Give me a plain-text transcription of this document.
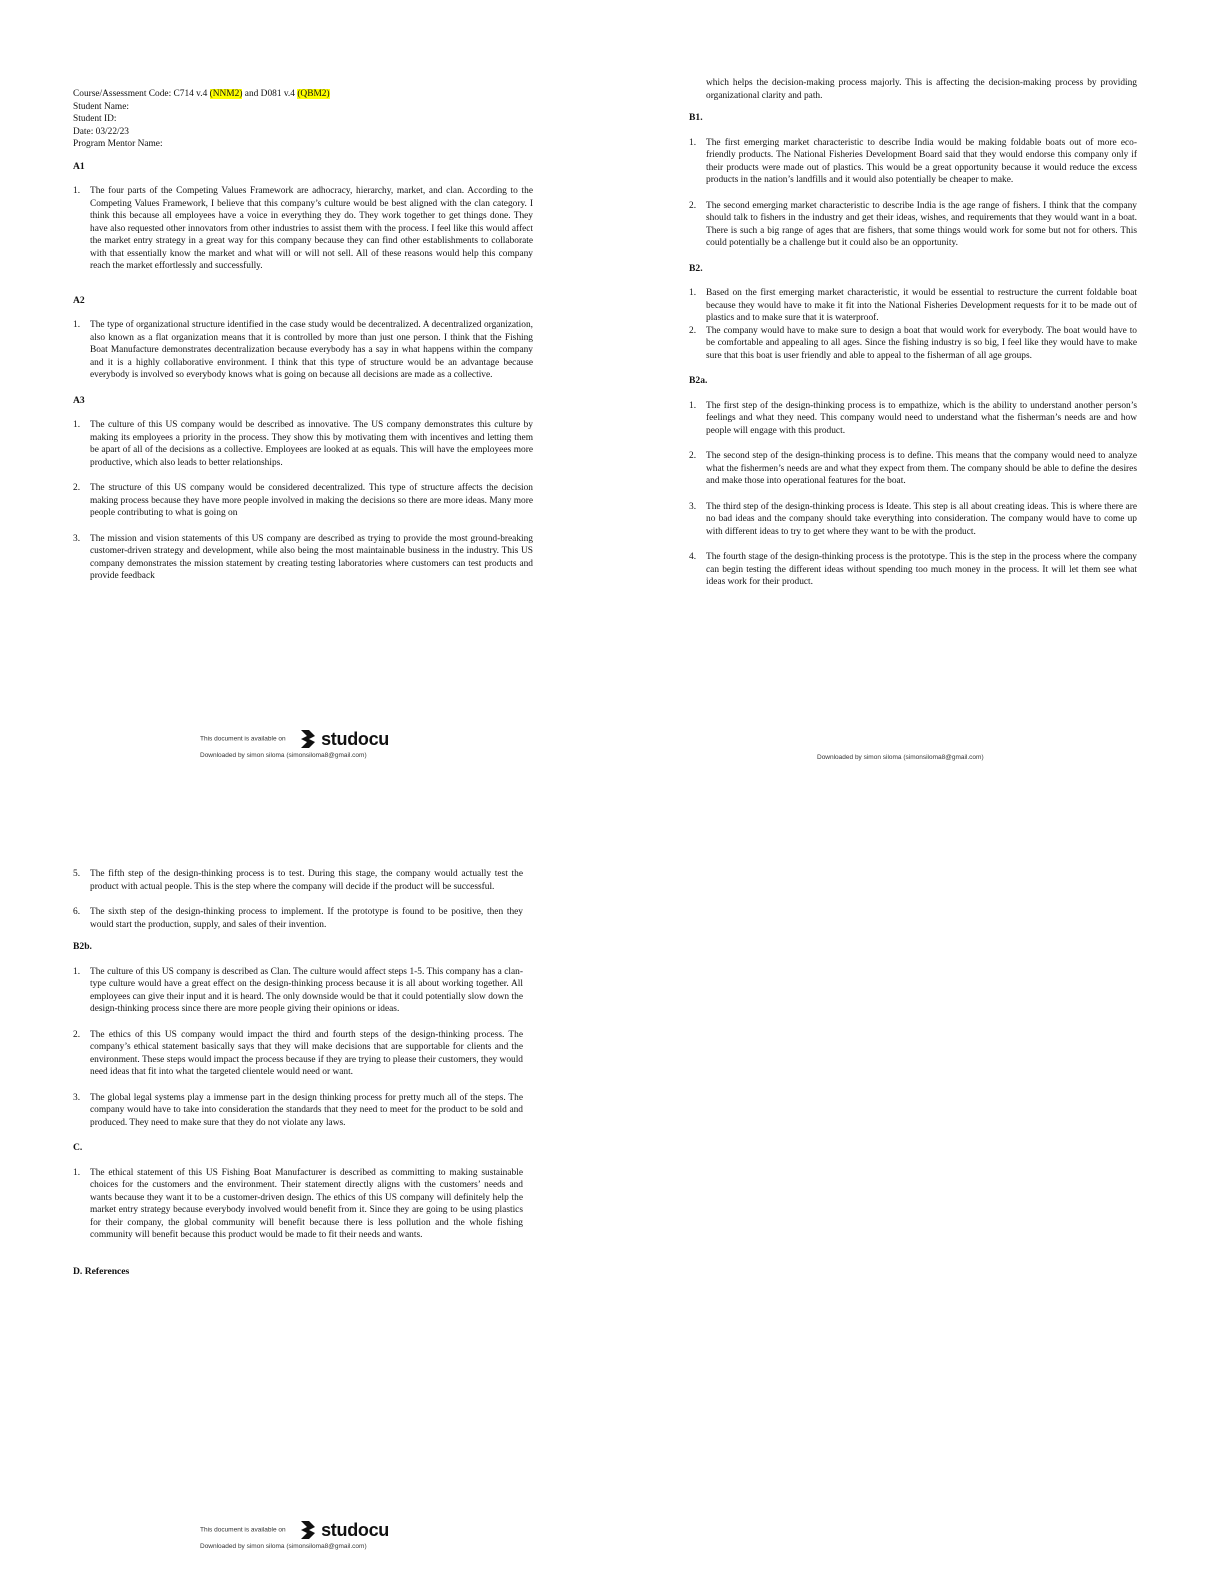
Course/Assessment Code: C714 v.4 (NNM2) and D081 v.4 (QBM2)
Student Name:
Student ID:
Date: 03/22/23
Program Mentor Name:
A1
1. The four parts of the Competing Values Framework are adhocracy, hierarchy, market, and clan. According to the Competing Values Framework, I believe that this company’s culture would be best aligned with the clan category. I think this because all employees have a voice in everything they do. They work together to get things done. They have also requested other innovators from other industries to assist them with the process. I feel like this would affect the market entry strategy in a great way for this company because they can find other establishments to collaborate with that essentially know the market and what will or will not sell. All of these reasons would help this company reach the market effortlessly and successfully.
A2
1. The type of organizational structure identified in the case study would be decentralized. A decentralized organization, also known as a flat organization means that it is controlled by more than just one person. I think that the Fishing Boat Manufacture demonstrates decentralization because everybody has a say in what happens within the company and it is a highly collaborative environment. I think that this type of structure would be an advantage because everybody is involved so everybody knows what is going on because all decisions are made as a collective.
A3
1. The culture of this US company would be described as innovative. The US company demonstrates this culture by making its employees a priority in the process. They show this by motivating them with incentives and letting them be apart of all of the decisions as a collective. Employees are looked at as equals. This will have the employees more productive, which also leads to better relationships.
2. The structure of this US company would be considered decentralized. This type of structure affects the decision making process because they have more people involved in making the decisions so there are more ideas. Many more people contributing to what is going on
3. The mission and vision statements of this US company are described as trying to provide the most ground-breaking customer-driven strategy and development, while also being the most maintainable business in the industry. This US company demonstrates the mission statement by creating testing laboratories where customers can test products and provide feedback
This document is available on studocu
Downloaded by simon siloma (simonsiloma8@gmail.com)
which helps the decision-making process majorly. This is affecting the decision-making process by providing organizational clarity and path.
B1.
1. The first emerging market characteristic to describe India would be making foldable boats out of more eco-friendly products. The National Fisheries Development Board said that they would endorse this company only if their products were made out of plastics. This would be a great opportunity because it would reduce the excess products in the nation’s landfills and it would also potentially be cheaper to make.
2. The second emerging market characteristic to describe India is the age range of fishers. I think that the company should talk to fishers in the industry and get their ideas, wishes, and requirements that they would want in a boat. There is such a big range of ages that are fishers, that some things would work for some but not for others. This could potentially be a challenge but it could also be an opportunity.
B2.
1. Based on the first emerging market characteristic, it would be essential to restructure the current foldable boat because they would have to make it fit into the National Fisheries Development requests for it to be made out of plastics and to make sure that it is waterproof.
2. The company would have to make sure to design a boat that would work for everybody. The boat would have to be comfortable and appealing to all ages. Since the fishing industry is so big, I feel like they would have to make sure that this boat is user friendly and able to appeal to the fisherman of all age groups.
B2a.
1. The first step of the design-thinking process is to empathize, which is the ability to understand another person’s feelings and what they need. This company would need to understand what the fisherman’s needs are and how people will engage with this product.
2. The second step of the design-thinking process is to define. This means that the company would need to analyze what the fishermen’s needs are and what they expect from them. The company should be able to define the desires and make those into operational features for the boat.
3. The third step of the design-thinking process is Ideate. This step is all about creating ideas. This is where there are no bad ideas and the company should take everything into consideration. The company would have to come up with different ideas to try to get where they want to be with the product.
4. The fourth stage of the design-thinking process is the prototype. This is the step in the process where the company can begin testing the different ideas without spending too much money in the process. It will let them see what ideas work for their product.
Downloaded by simon siloma (simonsiloma8@gmail.com)
5. The fifth step of the design-thinking process is to test. During this stage, the company would actually test the product with actual people. This is the step where the company will decide if the product will be successful.
6. The sixth step of the design-thinking process to implement. If the prototype is found to be positive, then they would start the production, supply, and sales of their invention.
B2b.
1. The culture of this US company is described as Clan. The culture would affect steps 1-5. This company has a clan-type culture would have a great effect on the design-thinking process because it is all about working together. All employees can give their input and it is heard. The only downside would be that it could potentially slow down the design-thinking process since there are more people giving their opinions or ideas.
2. The ethics of this US company would impact the third and fourth steps of the design-thinking process. The company’s ethical statement basically says that they will make decisions that are supportable for clients and the environment. These steps would impact the process because if they are trying to please their customers, they would need ideas that fit into what the targeted clientele would need or want.
3. The global legal systems play a immense part in the design thinking process for pretty much all of the steps. The company would have to take into consideration the standards that they need to meet for the product to be sold and produced. They need to make sure that they do not violate any laws.
C.
1. The ethical statement of this US Fishing Boat Manufacturer is described as committing to making sustainable choices for the customers and the environment. Their statement directly aligns with the customers’ needs and wants because they want it to be a customer-driven design. The ethics of this US company will definitely help the market entry strategy because everybody involved would benefit from it. Since they are going to be using plastics for their company, the global community will benefit because there is less pollution and the whole fishing community will benefit because this product would be made to fit their needs and wants.
D. References
This document is available on studocu
Downloaded by simon siloma (simonsiloma8@gmail.com)
